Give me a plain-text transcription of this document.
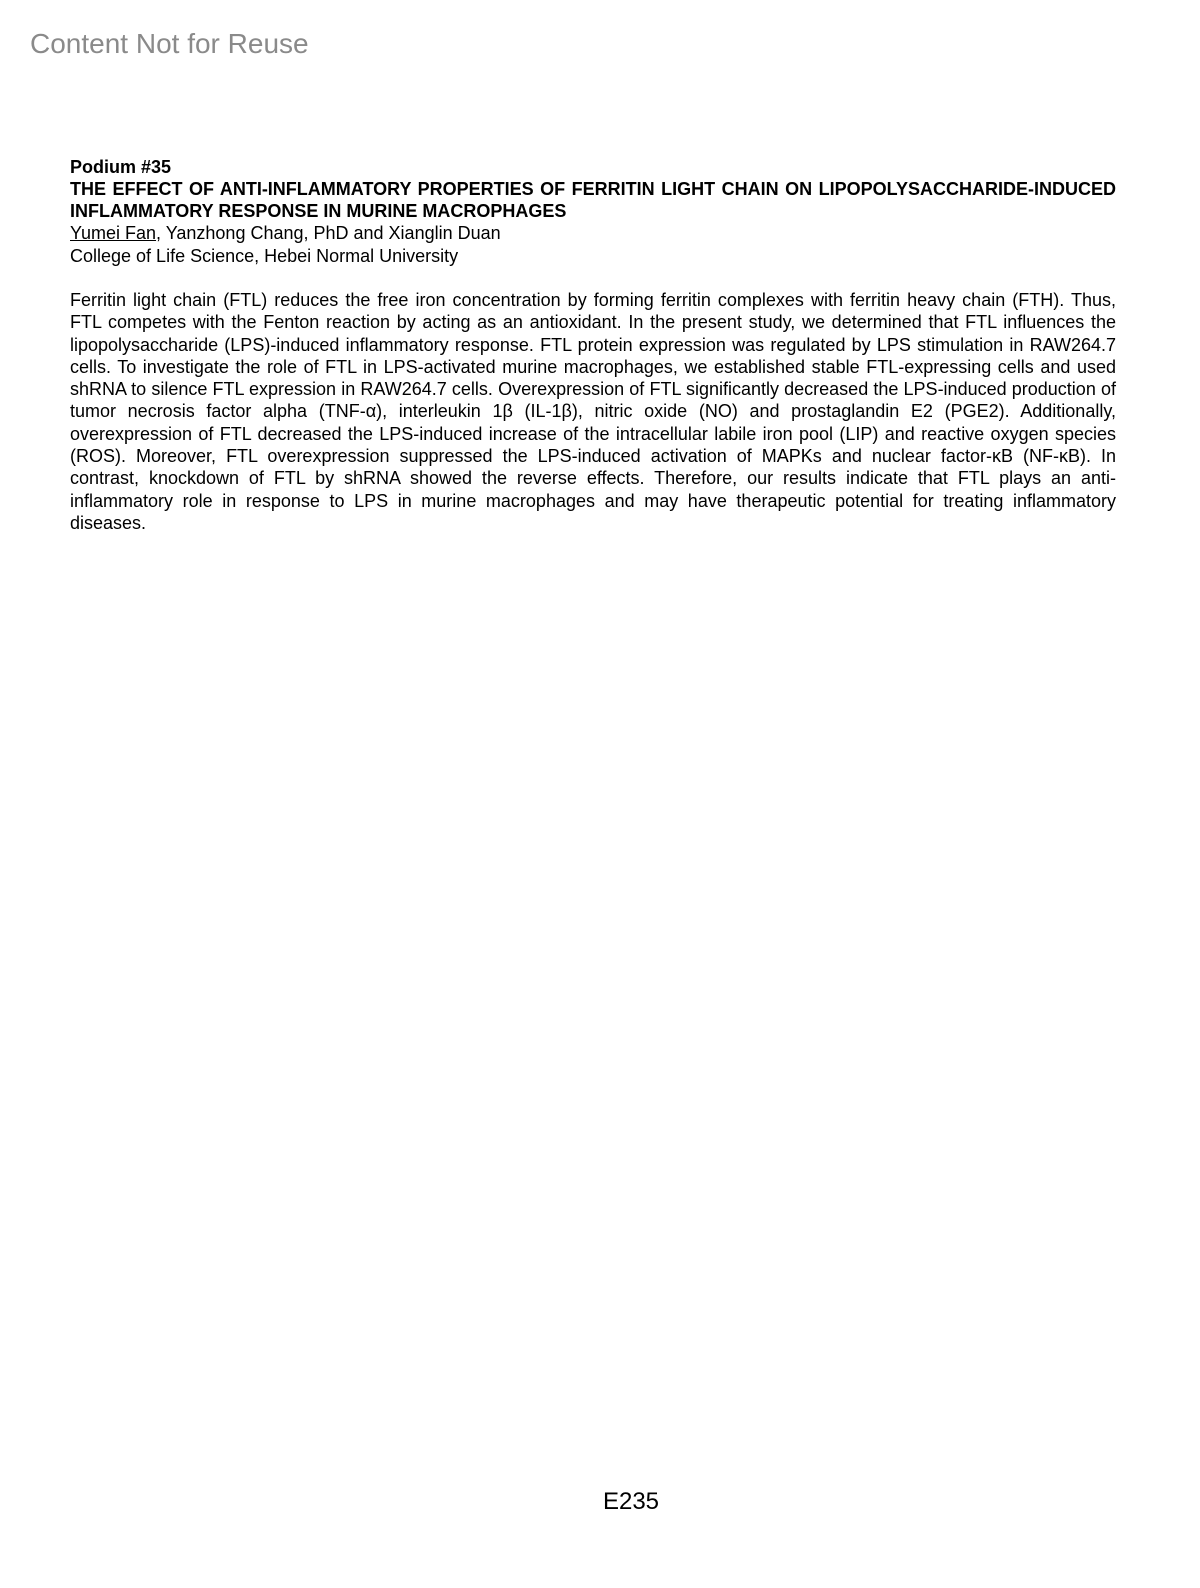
Content Not for Reuse
Podium #35
THE EFFECT OF ANTI-INFLAMMATORY PROPERTIES OF FERRITIN LIGHT CHAIN ON LIPOPOLYSACCHARIDE-INDUCED INFLAMMATORY RESPONSE IN MURINE MACROPHAGES
Yumei Fan, Yanzhong Chang, PhD and Xianglin Duan
College of Life Science, Hebei Normal University
Ferritin light chain (FTL) reduces the free iron concentration by forming ferritin complexes with ferritin heavy chain (FTH). Thus, FTL competes with the Fenton reaction by acting as an antioxidant. In the present study, we determined that FTL influences the lipopolysaccharide (LPS)-induced inflammatory response. FTL protein expression was regulated by LPS stimulation in RAW264.7 cells. To investigate the role of FTL in LPS-activated murine macrophages, we established stable FTL-expressing cells and used shRNA to silence FTL expression in RAW264.7 cells. Overexpression of FTL significantly decreased the LPS-induced production of tumor necrosis factor alpha (TNF-α), interleukin 1β (IL-1β), nitric oxide (NO) and prostaglandin E2 (PGE2). Additionally, overexpression of FTL decreased the LPS-induced increase of the intracellular labile iron pool (LIP) and reactive oxygen species (ROS). Moreover, FTL overexpression suppressed the LPS-induced activation of MAPKs and nuclear factor-κB (NF-κB). In contrast, knockdown of FTL by shRNA showed the reverse effects. Therefore, our results indicate that FTL plays an anti-inflammatory role in response to LPS in murine macrophages and may have therapeutic potential for treating inflammatory diseases.
E235
